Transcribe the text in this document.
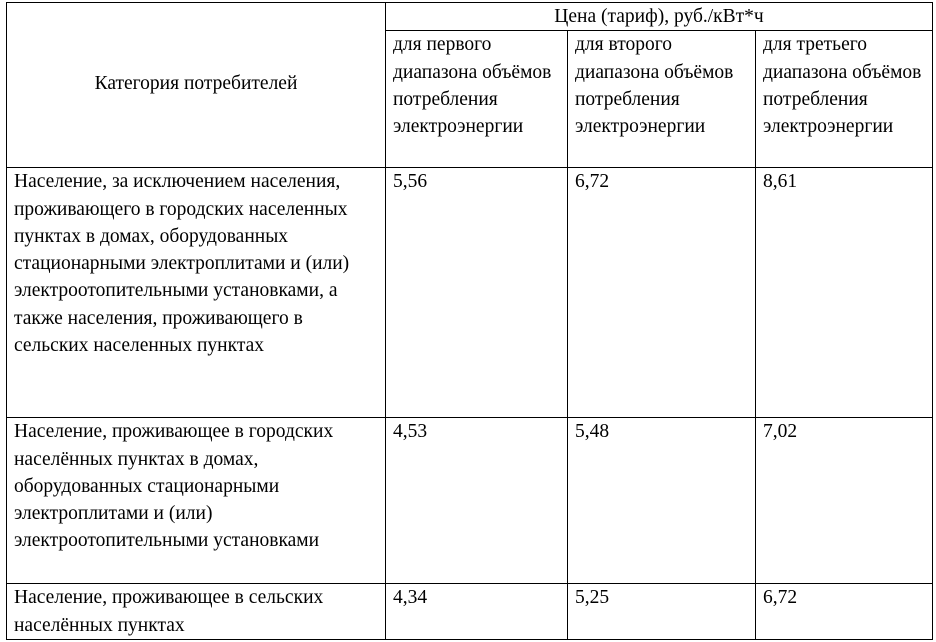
Категория потребителей	Цена (тариф), руб./кВт*ч		
	для первого диапазона объёмов потребления электроэнергии	для второго диапазона объёмов потребления электроэнергии	для третьего диапазона объёмов потребления электроэнергии

Население, за исключением населения, проживающего в городских населенных пунктах в домах, оборудованных стационарными электроплитами и (или) электроотопительными установками, а также населения, проживающего в сельских населенных пунктах	5,56	6,72	8,61

Население, проживающее в городских населённых пунктах в домах, оборудованных стационарными электроплитами и (или) электроотопительными установками	4,53	5,48	7,02

Население, проживающее в сельских населённых пунктах	4,34	5,25	6,72
